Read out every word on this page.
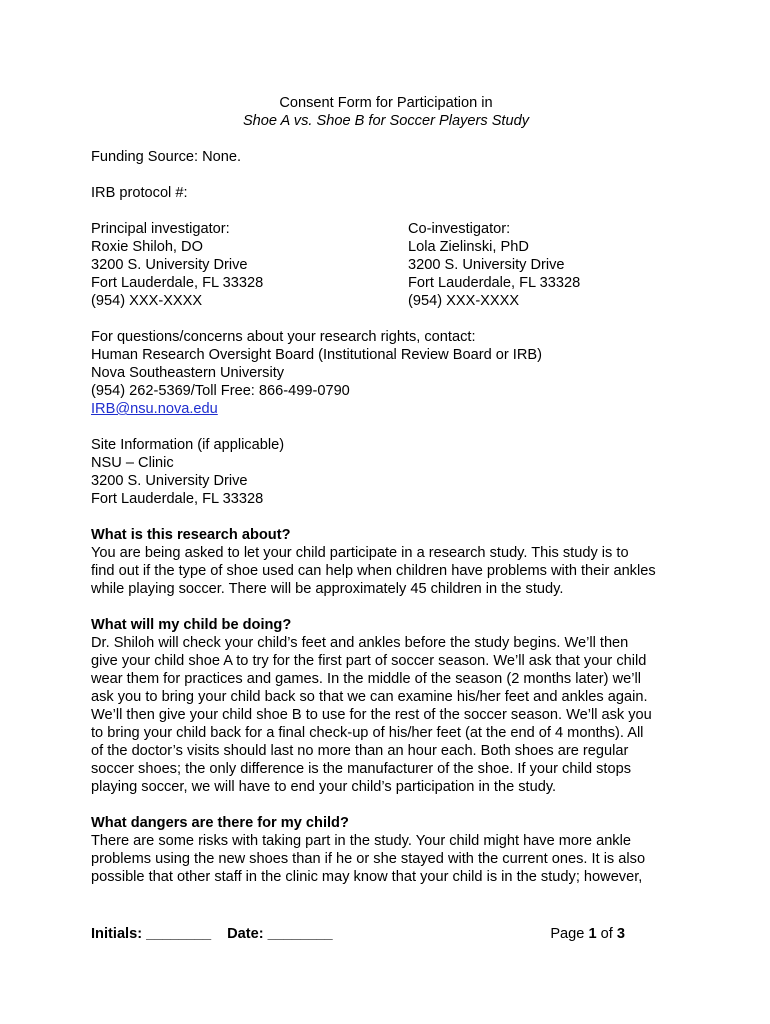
Consent Form for Participation in

Shoe A vs. Shoe B for Soccer Players Study

Funding Source: None.

IRB protocol #:

Principal investigator:

Roxie Shiloh, DO

3200 S. University Drive

Fort Lauderdale, FL 33328

(954) XXX-XXXX

Co-investigator:

Lola Zielinski, PhD

3200 S. University Drive

Fort Lauderdale, FL 33328

(954) XXX-XXXX

For questions/concerns about your research rights, contact:

Human Research Oversight Board (Institutional Review Board or IRB)

Nova Southeastern University

(954) 262-5369/Toll Free: 866-499-0790

IRB@nsu.nova.edu

Site Information (if applicable)

NSU – Clinic

3200 S. University Drive

Fort Lauderdale, FL 33328

What is this research about?

You are being asked to let your child participate in a research study. This study is to

find out if the type of shoe used can help when children have problems with their ankles

while playing soccer. There will be approximately 45 children in the study.

What will my child be doing?

Dr. Shiloh will check your child’s feet and ankles before the study begins. We’ll then

give your child shoe A to try for the first part of soccer season. We’ll ask that your child

wear them for practices and games. In the middle of the season (2 months later) we’ll

ask you to bring your child back so that we can examine his/her feet and ankles again.

We’ll then give your child shoe B to use for the rest of the soccer season. We’ll ask you

to bring your child back for a final check-up of his/her feet (at the end of 4 months). All

of the doctor’s visits should last no more than an hour each. Both shoes are regular

soccer shoes; the only difference is the manufacturer of the shoe. If your child stops

playing soccer, we will have to end your child’s participation in the study.

What dangers are there for my child?

There are some risks with taking part in the study. Your child might have more ankle

problems using the new shoes than if he or she stayed with the current ones. It is also

possible that other staff in the clinic may know that your child is in the study; however,

Initials: ________ Date: ________	Page 1 of 3
